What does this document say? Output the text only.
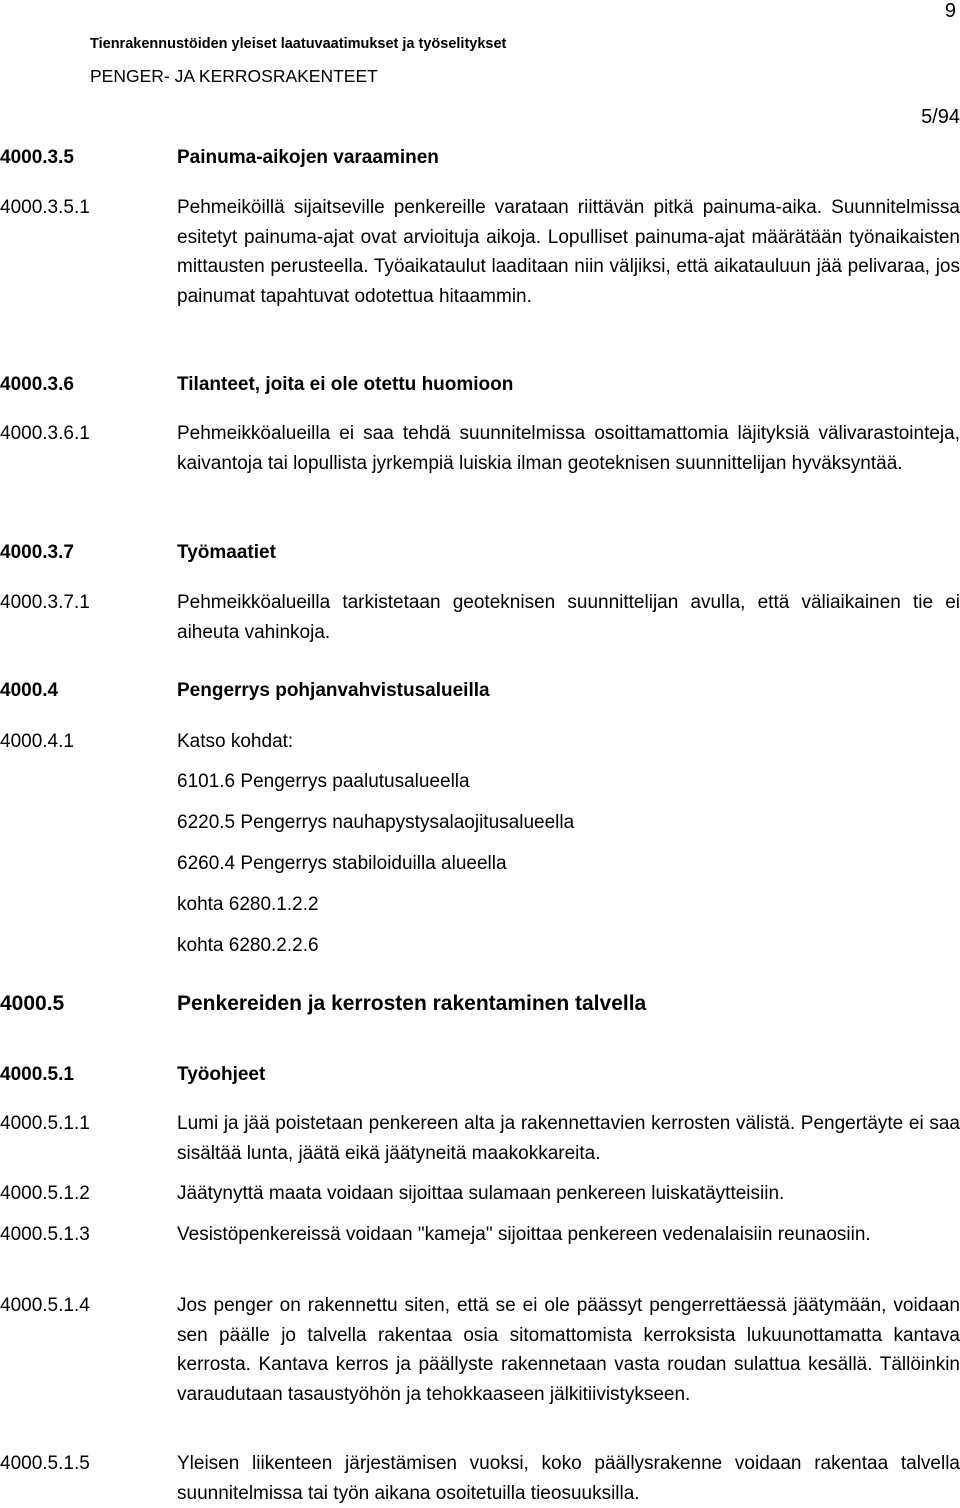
9
Tienrakennustöiden yleiset laatuvaatimukset ja työselitykset
PENGER- JA KERROSRAKENTEET
5/94
4000.3.5	Painuma-aikojen varaaminen
4000.3.5.1	Pehmeiköillä sijaitseville penkereille varataan riittävän pitkä painuma-aika. Suunnitelmissa esitetyt painuma-ajat ovat arvioituja aikoja. Lopulliset painuma-ajat määrätään työnaikaisten mittausten perusteella. Työaikataulut laaditaan niin väljiksi, että aikatauluun jää pelivaraa, jos painumat tapahtuvat odotettua hitaammin.
4000.3.6	Tilanteet, joita ei ole otettu huomioon
4000.3.6.1	Pehmeikköalueilla ei saa tehdä suunnitelmissa osoittamattomia läjityksiä välivarastointeja, kaivantoja tai lopullista jyrkempiä luiskia ilman geoteknisen suunnittelijan hyväksyntää.
4000.3.7	Työmaatiet
4000.3.7.1	Pehmeikköalueilla tarkistetaan geoteknisen suunnittelijan avulla, että väliaikainen tie ei aiheuta vahinkoja.
4000.4	Pengerrys pohjanvahvistusalueilla
4000.4.1	Katso kohdat:
6101.6 Pengerrys paalutusalueella
6220.5 Pengerrys nauhapystysalaojitusalueella
6260.4 Pengerrys stabiloiduilla alueella
kohta 6280.1.2.2
kohta 6280.2.2.6
4000.5	Penkereiden ja kerrosten rakentaminen talvella
4000.5.1	Työohjeet
4000.5.1.1	Lumi ja jää poistetaan penkereen alta ja rakennettavien kerrosten välistä. Pengertäyte ei saa sisältää lunta, jäätä eikä jäätyneitä maakokkareita.
4000.5.1.2	Jäätynyttä maata voidaan sijoittaa sulamaan penkereen luiskatäytteisiin.
4000.5.1.3	Vesistöpenkereissä voidaan "kameja" sijoittaa penkereen vedenalaisiin reunaosiin.
4000.5.1.4	Jos penger on rakennettu siten, että se ei ole päässyt pengerrettäessä jäätymään, voidaan sen päälle jo talvella rakentaa osia sitomattomista kerroksista lukuunottamatta kantava kerrosta. Kantava kerros ja päällyste rakennetaan vasta roudan sulattua kesällä. Tällöinkin varaudutaan tasaustyöhön ja tehokkaaseen jälkitiivistykseen.
4000.5.1.5	Yleisen liikenteen järjestämisen vuoksi, koko päällysrakenne voidaan rakentaa talvella suunnitelmissa tai työn aikana osoitetuilla tieosuuksilla.
